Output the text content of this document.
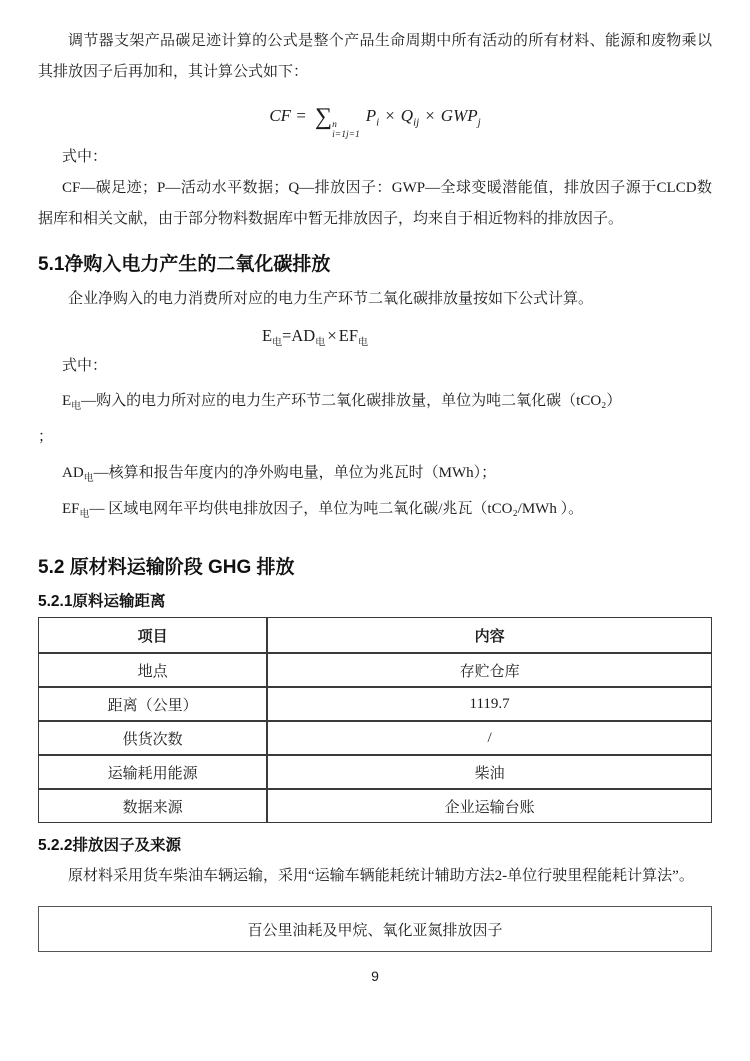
调节器支架产品碳足迹计算的公式是整个产品生命周期中所有活动的所有材料、能源和废物乘以其排放因子后再加和，其计算公式如下：

CF = ∑ n
i=1j=1
$P_i \times Q_{ij} \times GWP_j$

式中：

CF—碳足迹；P—活动水平数据；Q—排放因子：GWP—全球变暖潜能值，排放因子源于CLCD数据库和相关文献，由于部分物料数据库中暂无排放因子，均来自于相近物料的排放因子。

5.1净购入电力产生的二氧化碳排放

企业净购入的电力消费所对应的电力生产环节二氧化碳排放量按如下公式计算。

$E_电=AD_电 \times EF_电$

式中：

$E_电—$购入的电力所对应的电力生产环节二氧化碳排放量，单位为吨二氧化碳（tCO₂）

；

$AD_电—$核算和报告年度内的净外购电量，单位为兆瓦时（MWh）；

$EF_电—$ 区域电网年平均供电排放因子，单位为吨二氧化碳/兆瓦（tCO₂/MWh ）。

5.2 原材料运输阶段 GHG 排放
5.2.1原料运输距离
项目	内容
地点	存贮仓库
距离（公里）	1119.7
供货次数	/
运输耗用能源	柴油
数据来源	企业运输台账
5.2.2排放因子及来源

原材料采用货车柴油车辆运输，采用“运输车辆能耗统计辅助方法2-单位行驶里程能耗计算法”。

百公里油耗及甲烷、氧化亚氮排放因子
9
